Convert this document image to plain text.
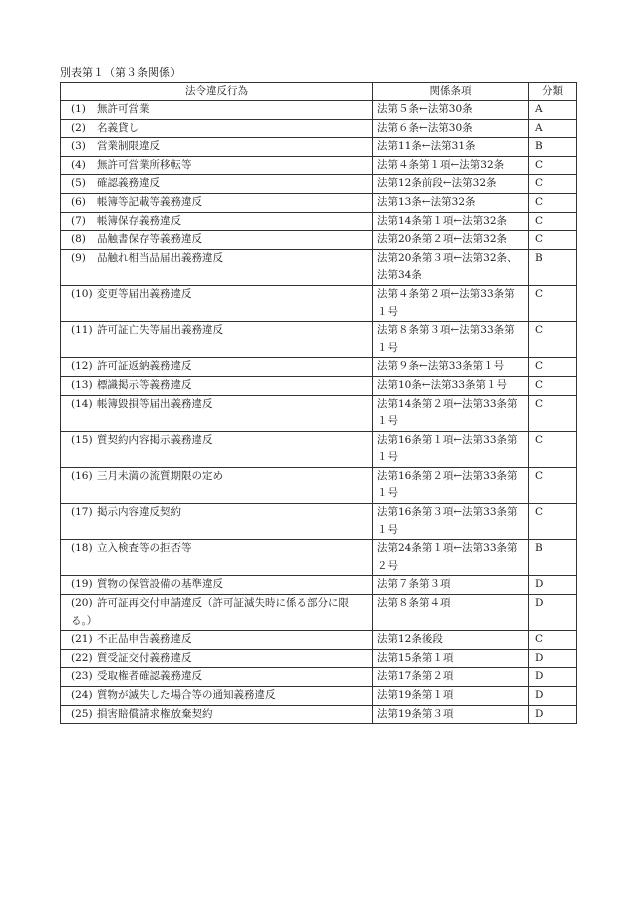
別表第１（第３条関係）
法令違反行為	関係条項	分類
(1) 無許可営業	法第５条←法第30条	A
(2) 名義貸し	法第６条←法第30条	A
(3) 営業制限違反	法第11条←法第31条	B
(4) 無許可営業所移転等	法第４条第１項←法第32条	C
(5) 確認義務違反	法第12条前段←法第32条	C
(6) 帳簿等記載等義務違反	法第13条←法第32条	C
(7) 帳簿保存義務違反	法第14条第１項←法第32条	C
(8) 品触書保存等義務違反	法第20条第２項←法第32条	C
(9) 品触れ相当品届出義務違反	法第20条第３項←法第32条、法第34条	B
(10) 変更等届出義務違反	法第４条第２項←法第33条第１号	C
(11) 許可証亡失等届出義務違反	法第８条第３項←法第33条第１号	C
(12) 許可証返納義務違反	法第９条←法第33条第１号	C
(13) 標識掲示等義務違反	法第10条←法第33条第１号	C
(14) 帳簿毀損等届出義務違反	法第14条第２項←法第33条第１号	C
(15) 質契約内容掲示義務違反	法第16条第１項←法第33条第１号	C
(16) 三月未満の流質期限の定め	法第16条第２項←法第33条第１号	C
(17) 掲示内容違反契約	法第16条第３項←法第33条第１号	C
(18) 立入検査等の拒否等	法第24条第１項←法第33条第２号	B
(19) 質物の保管設備の基準違反	法第７条第３項	D
(20) 許可証再交付申請違反（許可証滅失時に係る部分に限る。）	法第８条第４項	D
(21) 不正品申告義務違反	法第12条後段	C
(22) 質受証交付義務違反	法第15条第１項	D
(23) 受取権者確認義務違反	法第17条第２項	D
(24) 質物が滅失した場合等の通知義務違反	法第19条第１項	D
(25) 損害賠償請求権放棄契約	法第19条第３項	D
